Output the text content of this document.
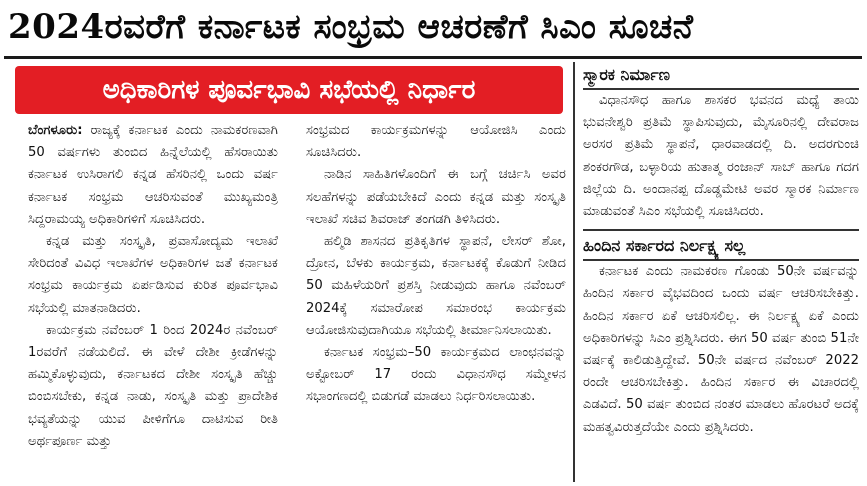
2024ರವರೆಗೆ ಕರ್ನಾಟಕ ಸಂಭ್ರಮ ಆಚರಣೆಗೆ ಸಿಎಂ ಸೂಚನೆ
ಅಧಿಕಾರಿಗಳ ಪೂರ್ವಭಾವಿ ಸಭೆಯಲ್ಲಿ ನಿರ್ಧಾರ

ಬೆಂಗಳೂರು: ರಾಜ್ಯಕ್ಕೆ ಕರ್ನಾಟಕ ಎಂದು ನಾಮಕರಣವಾಗಿ 50 ವರ್ಷಗಳು ತುಂಬಿದ ಹಿನ್ನೆಲೆಯಲ್ಲಿ ಹೆಸರಾಯಿತು ಕರ್ನಾಟಕ ಉಸಿರಾಗಲಿ ಕನ್ನಡ ಹೆಸರಿನಲ್ಲಿ ಒಂದು ವರ್ಷ ಕರ್ನಾಟಕ ಸಂಭ್ರಮ ಆಚರಿಸುವಂತೆ ಮುಖ್ಯಮಂತ್ರಿ ಸಿದ್ದರಾಮಯ್ಯ ಅಧಿಕಾರಿಗಳಿಗೆ ಸೂಚಿಸಿದರು.

ಕನ್ನಡ ಮತ್ತು ಸಂಸ್ಕೃತಿ, ಪ್ರವಾಸೋದ್ಯಮ ಇಲಾಖೆ ಸೇರಿದಂತೆ ವಿವಿಧ ಇಲಾಖೆಗಳ ಅಧಿಕಾರಿಗಳ ಜತೆ ಕರ್ನಾಟಕ ಸಂಭ್ರಮ ಕಾರ್ಯಕ್ರಮ ಏರ್ಪಡಿಸುವ ಕುರಿತ ಪೂರ್ವಭಾವಿ ಸಭೆಯಲ್ಲಿ ಮಾತನಾಡಿದರು.

ಕಾರ್ಯಕ್ರಮ ನವೆಂಬರ್ 1 ರಿಂದ 2024ರ ನವೆಂಬರ್ 1ರವರೆಗೆ ನಡೆಯಲಿದೆ. ಈ ವೇಳೆ ದೇಶೀ ಕ್ರೀಡೆಗಳನ್ನು ಹಮ್ಮಿಕೊಳ್ಳುವುದು, ಕರ್ನಾಟಕದ ದೇಶೀ ಸಂಸ್ಕೃತಿ ಹೆಚ್ಚು ಬಿಂಬಿಸಬೇಕು, ಕನ್ನಡ ನಾಡು, ಸಂಸ್ಕೃತಿ ಮತ್ತು ಪ್ರಾದೇಶಿಕ ಭವ್ಯತೆಯನ್ನು ಯುವ ಪೀಳಿಗೆಗೂ ದಾಟಿಸುವ ರೀತಿ ಅರ್ಥಪೂರ್ಣ ಮತ್ತು

ಸಂಭ್ರಮದ ಕಾರ್ಯಕ್ರಮಗಳನ್ನು ಆಯೋಜಿಸಿ ಎಂದು ಸೂಚಿಸಿದರು.

ನಾಡಿನ ಸಾಹಿತಿಗಳೊಂದಿಗೆ ಈ ಬಗ್ಗೆ ಚರ್ಚಿಸಿ ಅವರ ಸಲಹೆಗಳನ್ನು ಪಡೆಯಬೇಕಿದೆ ಎಂದು ಕನ್ನಡ ಮತ್ತು ಸಂಸ್ಕೃತಿ ಇಲಾಖೆ ಸಚಿವ ಶಿವರಾಜ್ ತಂಗಡಗಿ ತಿಳಿಸಿದರು.

ಹಲ್ಮಿಡಿ ಶಾಸನದ ಪ್ರತಿಕೃತಿಗಳ ಸ್ಥಾಪನೆ, ಲೇಸರ್ ಶೋ, ದ್ರೋನ, ಬೆಳಕು ಕಾರ್ಯಕ್ರಮ, ಕರ್ನಾಟಕಕ್ಕೆ ಕೊಡುಗೆ ನೀಡಿದ 50 ಮಹಿಳೆಯರಿಗೆ ಪ್ರಶಸ್ತಿ ನೀಡುವುದು ಹಾಗೂ ನವೆಂಬರ್ 2024ಕ್ಕೆ ಸಮಾರೋಪ ಸಮಾರಂಭ ಕಾರ್ಯಕ್ರಮ ಆಯೋಜಿಸುವುದಾಗಿಯೂ ಸಭೆಯಲ್ಲಿ ತೀರ್ಮಾನಿಸಲಾಯಿತು.

ಕರ್ನಾಟಕ ಸಂಭ್ರಮ–50 ಕಾರ್ಯಕ್ರಮದ ಲಾಂಛನವನ್ನು ಅಕ್ಟೋಬರ್ 17 ರಂದು ವಿಧಾನಸೌಧ ಸಮ್ಮೇಳನ ಸಭಾಂಗಣದಲ್ಲಿ ಬಿಡುಗಡೆ ಮಾಡಲು ನಿರ್ಧರಿಸಲಾಯಿತು.

ಸ್ಮಾರಕ ನಿರ್ಮಾಣ

ವಿಧಾನಸೌಧ ಹಾಗೂ ಶಾಸಕರ ಭವನದ ಮಧ್ಯೆ ತಾಯಿ ಭುವನೇಶ್ವರಿ ಪ್ರತಿಮೆ ಸ್ಥಾಪಿಸುವುದು, ಮೈಸೂರಿನಲ್ಲಿ ದೇವರಾಜ ಅರಸರ ಪ್ರತಿಮೆ ಸ್ಥಾಪನೆ, ಧಾರವಾಡದಲ್ಲಿ ದಿ. ಅದರಗುಂಚಿ ಶಂಕರಗೌಡ, ಬಳ್ಳಾರಿಯ ಹುತಾತ್ಮ ರಂಜಾನ್ ಸಾಬ್ ಹಾಗೂ ಗದಗ ಜಿಲ್ಲೆಯ ದಿ. ಅಂದಾನಪ್ಪ ದೊಡ್ಡಮೇಟಿ ಅವರ ಸ್ಮಾರಕ ನಿರ್ಮಾಣ ಮಾಡುವಂತೆ ಸಿಎಂ ಸಭೆಯಲ್ಲಿ ಸೂಚಿಸಿದರು.

ಹಿಂದಿನ ಸರ್ಕಾರದ ನಿರ್ಲಕ್ಷ್ಯ ಸಲ್ಲ

ಕರ್ನಾಟಕ ಎಂದು ನಾಮಕರಣ ಗೊಂಡು 50ನೇ ವರ್ಷವನ್ನು ಹಿಂದಿನ ಸರ್ಕಾರ ವೈಭವದಿಂದ ಒಂದು ವರ್ಷ ಆಚರಿಸಬೇಕಿತ್ತು. ಹಿಂದಿನ ಸರ್ಕಾರ ಏಕೆ ಆಚರಿಸಲಿಲ್ಲ. ಈ ನಿರ್ಲಕ್ಷ್ಯ ಏಕೆ ಎಂದು ಅಧಿಕಾರಿಗಳನ್ನು ಸಿಎಂ ಪ್ರಶ್ನಿಸಿದರು. ಈಗ 50 ವರ್ಷ ತುಂಬಿ 51ನೇ ವರ್ಷಕ್ಕೆ ಕಾಲಿಡುತ್ತಿದ್ದೇವೆ. 50ನೇ ವರ್ಷದ ನವೆಂಬರ್ 2022 ರಂದೇ ಆಚರಿಸಬೇಕಿತ್ತು. ಹಿಂದಿನ ಸರ್ಕಾರ ಈ ವಿಚಾರದಲ್ಲಿ ಎಡವಿದೆ. 50 ವರ್ಷ ತುಂಬಿದ ನಂತರ ಮಾಡಲು ಹೊರಟರೆ ಅದಕ್ಕೆ ಮಹತ್ವವಿರುತ್ತದೆಯೇ ಎಂದು ಪ್ರಶ್ನಿಸಿದರು.
